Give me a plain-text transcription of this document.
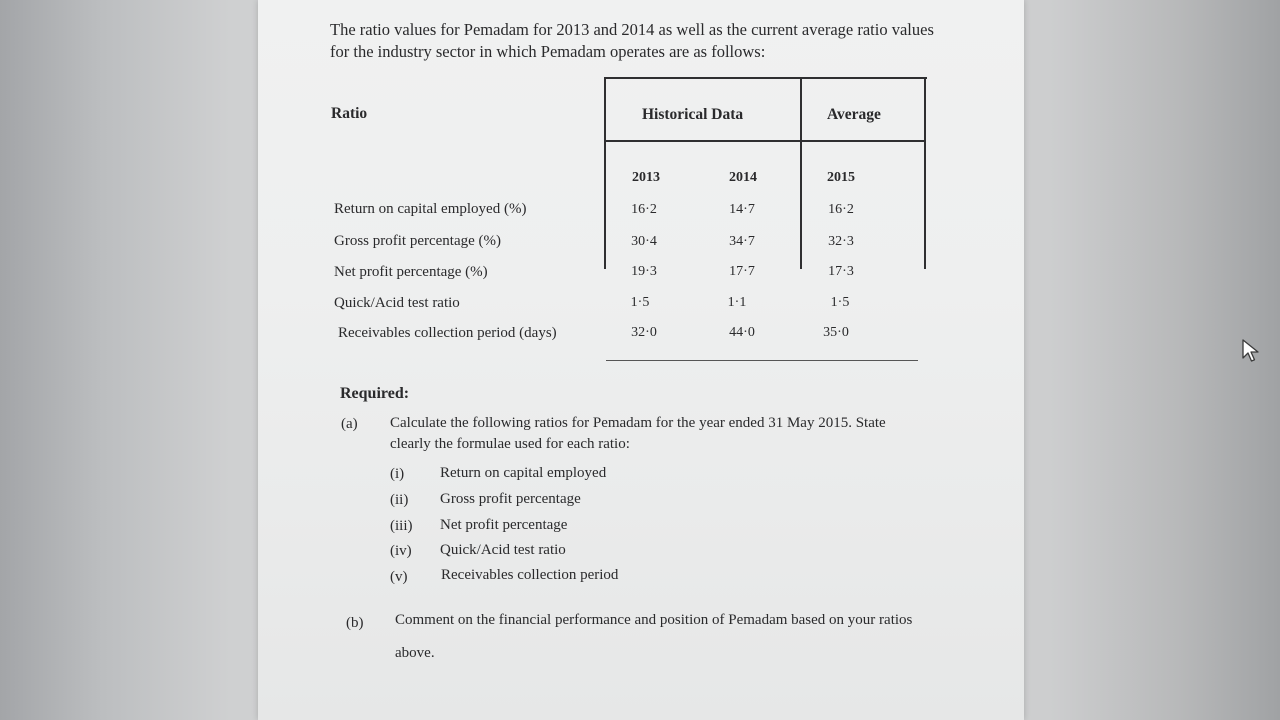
The ratio values for Pemadam for 2013 and 2014 as well as the current average ratio values
for the industry sector in which Pemadam operates are as follows:
Ratio	Historical Data	Average
2013	2014	2015
Return on capital employed (%)	16·2	14·7	16·2
Gross profit percentage (%)	30·4	34·7	32·3
Net profit percentage (%)	19·3	17·7	17·3
Quick/Acid test ratio	1·5	1·1	1·5
Receivables collection period (days)	32·0	44·0	35·0
Required:
(a) Calculate the following ratios for Pemadam for the year ended 31 May 2015. State
clearly the formulae used for each ratio:
(i) Return on capital employed
(ii) Gross profit percentage
(iii) Net profit percentage
(iv) Quick/Acid test ratio
(v) Receivables collection period
(b) Comment on the financial performance and position of Pemadam based on your ratios
above.
